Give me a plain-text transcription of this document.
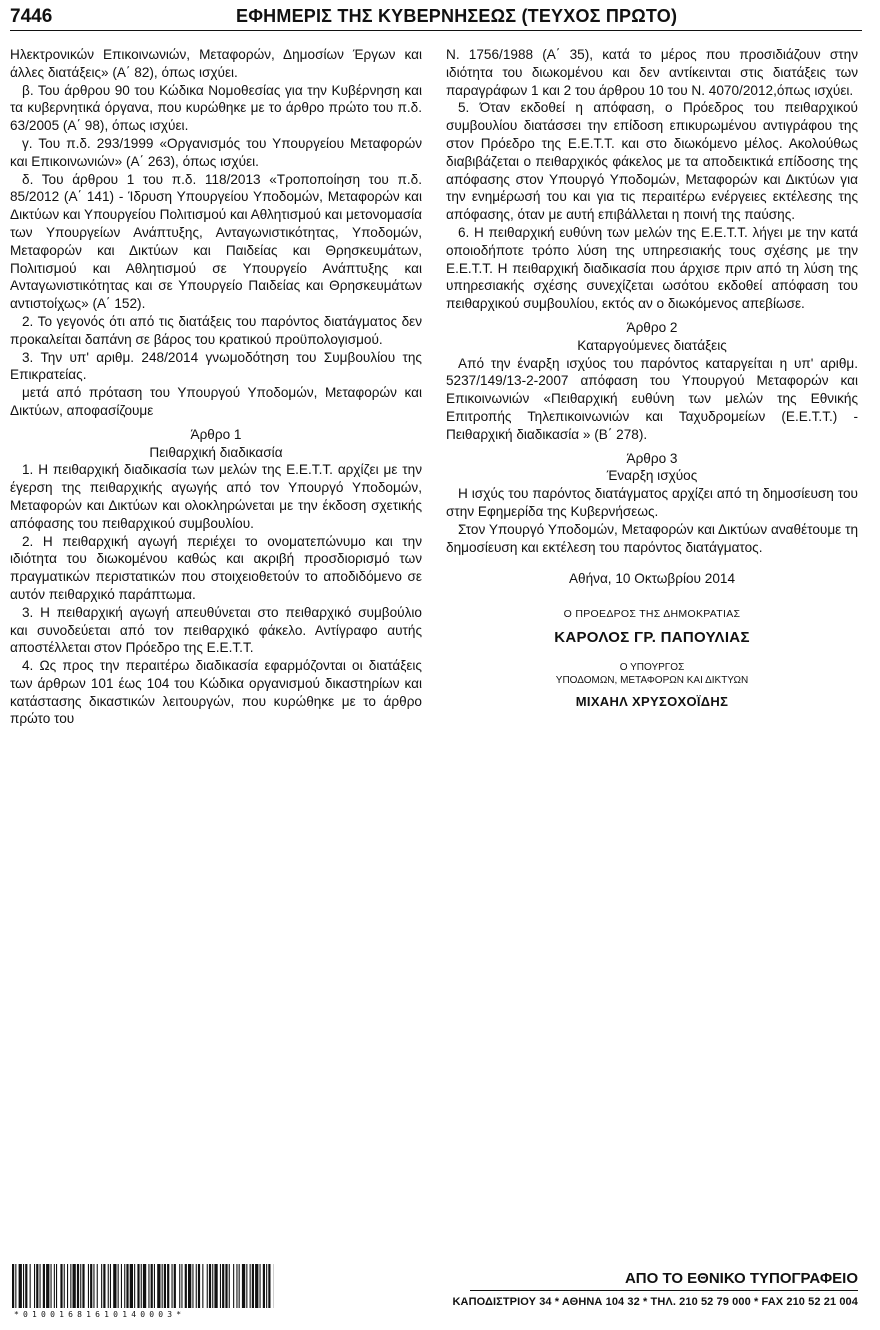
7446	ΕΦΗΜΕΡΙΣ ΤΗΣ ΚΥΒΕΡΝΗΣΕΩΣ (ΤΕΥΧΟΣ ΠΡΩΤΟ)

Ηλεκτρονικών Επικοινωνιών, Μεταφορών, Δημοσίων Έργων και άλλες διατάξεις» (Α΄ 82), όπως ισχύει.

β. Του άρθρου 90 του Κώδικα Νομοθεσίας για την Κυβέρνηση και τα κυβερνητικά όργανα, που κυρώθηκε με το άρθρο πρώτο του π.δ. 63/2005 (Α΄ 98), όπως ισχύει.

γ. Του π.δ. 293/1999 «Οργανισμός του Υπουργείου Μεταφορών και Επικοινωνιών» (Α΄ 263), όπως ισχύει.

δ. Του άρθρου 1 του π.δ. 118/2013 «Τροποποίηση του π.δ. 85/2012 (Α΄ 141) - Ίδρυση Υπουργείου Υποδομών, Μεταφορών και Δικτύων και Υπουργείου Πολιτισμού και Αθλητισμού και μετονομασία των Υπουργείων Ανάπτυξης, Ανταγωνιστικότητας, Υποδομών, Μεταφορών και Δικτύων και Παιδείας και Θρησκευμάτων, Πολιτισμού και Αθλητισμού σε Υπουργείο Ανάπτυξης και Ανταγωνιστικότητας και σε Υπουργείο Παιδείας και Θρησκευμάτων αντιστοίχως» (Α΄ 152).

2. Το γεγονός ότι από τις διατάξεις του παρόντος διατάγματος δεν προκαλείται δαπάνη σε βάρος του κρατικού προϋπολογισμού.

3. Την υπ' αριθμ. 248/2014 γνωμοδότηση του Συμβουλίου της Επικρατείας.

μετά από πρόταση του Υπουργού Υποδομών, Μεταφορών και Δικτύων, αποφασίζουμε

Άρθρο 1

Πειθαρχική διαδικασία

1. Η πειθαρχική διαδικασία των μελών της Ε.Ε.Τ.Τ. αρχίζει με την έγερση της πειθαρχικής αγωγής από τον Υπουργό Υποδομών, Μεταφορών και Δικτύων και ολοκληρώνεται με την έκδοση σχετικής απόφασης του πειθαρχικού συμβουλίου.

2. Η πειθαρχική αγωγή περιέχει το ονοματεπώνυμο και την ιδιότητα του διωκομένου καθώς και ακριβή προσδιορισμό των πραγματικών περιστατικών που στοιχειοθετούν το αποδιδόμενο σε αυτόν πειθαρχικό παράπτωμα.

3. Η πειθαρχική αγωγή απευθύνεται στο πειθαρχικό συμβούλιο και συνοδεύεται από τον πειθαρχικό φάκελο. Αντίγραφο αυτής αποστέλλεται στον Πρόεδρο της Ε.Ε.Τ.Τ.

4. Ως προς την περαιτέρω διαδικασία εφαρμόζονται οι διατάξεις των άρθρων 101 έως 104 του Κώδικα οργανισμού δικαστηρίων και κατάστασης δικαστικών λειτουργών, που κυρώθηκε με το άρθρο πρώτο του

Ν. 1756/1988 (Α΄ 35), κατά το μέρος που προσιδιάζουν στην ιδιότητα του διωκομένου και δεν αντίκεινται στις διατάξεις των παραγράφων 1 και 2 του άρθρου 10 του Ν. 4070/2012,όπως ισχύει.

5. Όταν εκδοθεί η απόφαση, ο Πρόεδρος του πειθαρχικού συμβουλίου διατάσσει την επίδοση επικυρωμένου αντιγράφου της στον Πρόεδρο της Ε.Ε.Τ.Τ. και στο διωκόμενο μέλος. Ακολούθως διαβιβάζεται ο πειθαρχικός φάκελος με τα αποδεικτικά επίδοσης της απόφασης στον Υπουργό Υποδομών, Μεταφορών και Δικτύων για την ενημέρωσή του και για τις περαιτέρω ενέργειες εκτέλεσης της απόφασης, όταν με αυτή επιβάλλεται η ποινή της παύσης.

6. Η πειθαρχική ευθύνη των μελών της Ε.Ε.Τ.Τ. λήγει με την κατά οποιοδήποτε τρόπο λύση της υπηρεσιακής τους σχέσης με την Ε.Ε.Τ.Τ. Η πειθαρχική διαδικασία που άρχισε πριν από τη λύση της υπηρεσιακής σχέσης συνεχίζεται ωσότου εκδοθεί απόφαση του πειθαρχικού συμβουλίου, εκτός αν ο διωκόμενος απεβίωσε.

Άρθρο 2

Καταργούμενες διατάξεις

Από την έναρξη ισχύος του παρόντος καταργείται η υπ' αριθμ. 5237/149/13-2-2007 απόφαση του Υπουργού Μεταφορών και Επικοινωνιών «Πειθαρχική ευθύνη των μελών της Εθνικής Επιτροπής Τηλεπικοινωνιών και Ταχυδρομείων (Ε.Ε.Τ.Τ.) - Πειθαρχική διαδικασία » (Β΄ 278).

Άρθρο 3

Έναρξη ισχύος

Η ισχύς του παρόντος διατάγματος αρχίζει από τη δημοσίευση του στην Εφημερίδα της Κυβερνήσεως.

Στον Υπουργό Υποδομών, Μεταφορών και Δικτύων αναθέτουμε τη δημοσίευση και εκτέλεση του παρόντος διατάγματος.

Αθήνα, 10 Οκτωβρίου 2014
Ο ΠΡΟΕΔΡΟΣ ΤΗΣ ΔΗΜΟΚΡΑΤΙΑΣ
ΚΑΡΟΛΟΣ ΓΡ. ΠΑΠΟΥΛΙΑΣ
Ο ΥΠΟΥΡΓΟΣ
ΥΠΟΔΟΜΩΝ, ΜΕΤΑΦΟΡΩΝ ΚΑΙ ΔΙΚΤΥΩΝ
ΜΙΧΑΗΛ ΧΡΥΣΟΧΟΪΔΗΣ
*01001681610140003*
ΑΠΟ ΤΟ ΕΘΝΙΚΟ ΤΥΠΟΓΡΑΦΕΙΟ
ΚΑΠΟΔΙΣΤΡΙΟΥ 34 * ΑΘΗΝΑ 104 32 * ΤΗΛ. 210 52 79 000 * FAX 210 52 21 004
